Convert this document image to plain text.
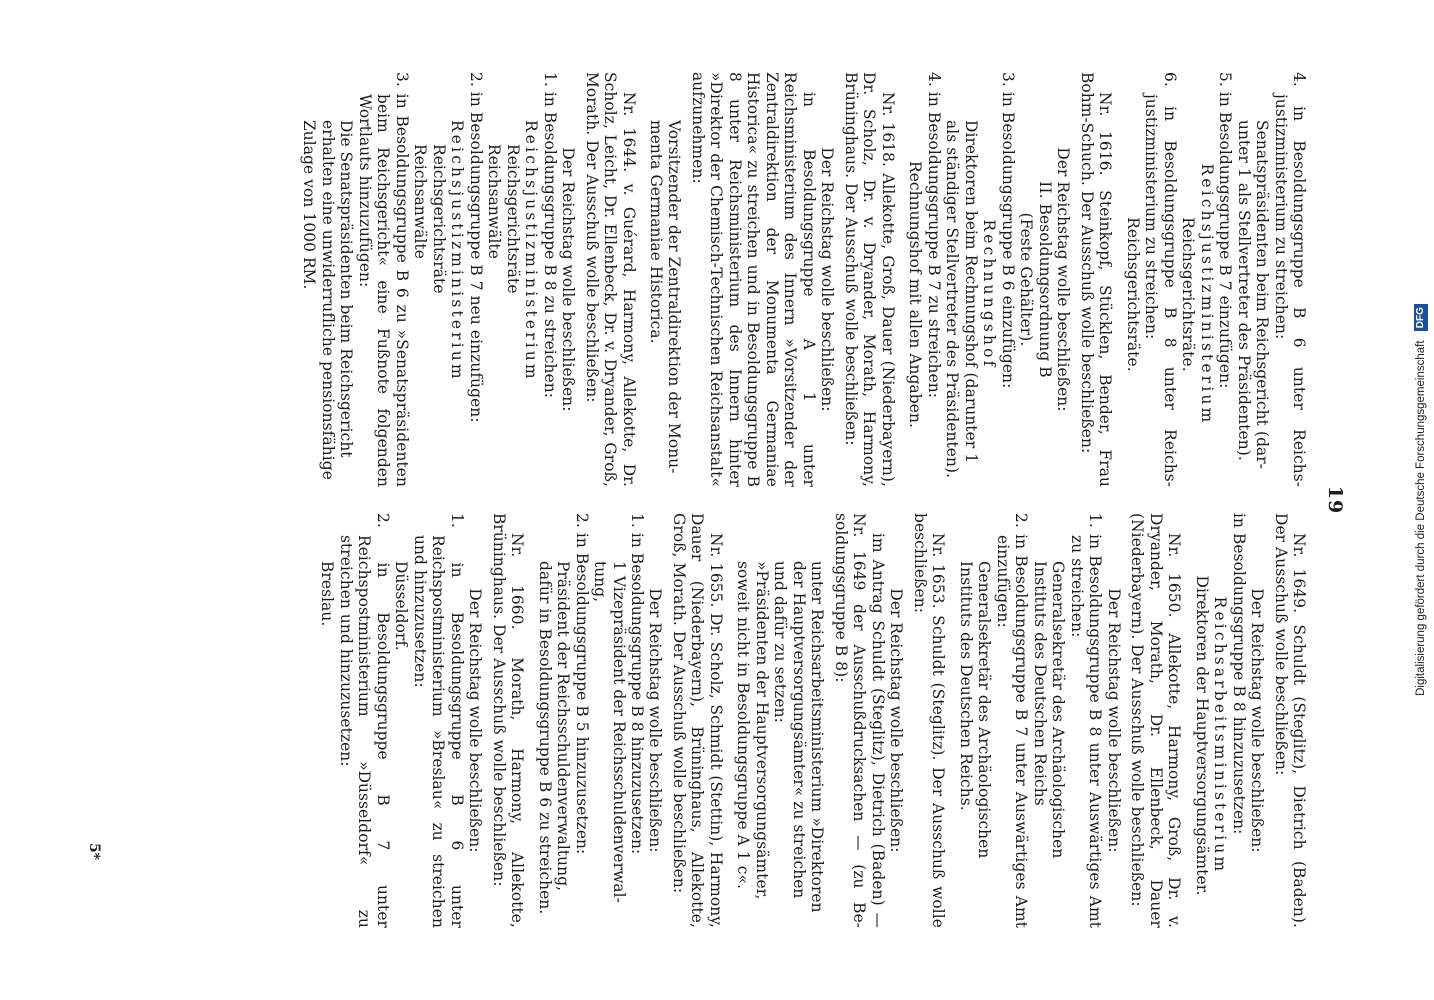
19

4. in Besoldungsgruppe B 6 unter Reichsjustizministerium zu streichen:

Senatspräsidenten beim Reichsgericht (darunter 1 als Stellvertreter des Präsidenten).

5. in Besoldungsgruppe B 7 einzufügen:

Reichsjustizministerium

Reichsgerichtsräte.

6. in Besoldungsgruppe B 8 unter Reichsjustizministerium zu streichen:

Reichsgerichtsräte.

Nr. 1616. Steinkopf, Stücklen, Bender, Frau Bohm-Schuch. Der Ausschuß wolle beschließen:

Der Reichstag wolle beschließen:

II. Besoldungsordnung B

(Feste Gehälter).

3. in Besoldungsgruppe B 6 einzufügen:

Rechnungshof

Direktoren beim Rechnungshof (darunter 1 als ständiger Stellvertreter des Präsidenten).

4. in Besoldungsgruppe B 7 zu streichen:

Rechnungshof mit allen Angaben.

Nr. 1618. Allekotte, Groß, Dauer (Niederbayern), Dr. Scholz, Dr. v. Dryander, Morath, Harmony, Brüninghaus. Der Ausschuß wolle beschließen:

Der Reichstag wolle beschließen:

in Besoldungsgruppe A 1 unter Reichsministerium des Innern »Vorsitzender der Zentraldirektion der Monumenta Germaniae Historica« zu streichen und in Besoldungsgruppe B 8 unter Reichsministerium des Innern hinter »Direktor der Chemisch-Technischen Reichsanstalt« aufzunehmen:

Vorsitzender der Zentraldirektion der Monumenta Germaniae Historica.

Nr. 1644. v. Guérard, Harmony, Allekotte, Dr. Scholz, Leicht, Dr. Ellenbeck, Dr. v. Dryander, Groß, Morath. Der Ausschuß wolle beschließen:

Der Reichstag wolle beschließen:

1. in Besoldungsgruppe B 8 zu streichen:

Reichsjustizministerium

Reichsgerichtsräte

Reichsanwälte

2. in Besoldungsgruppe B 7 neu einzufügen:

Reichsjustizministerium

Reichsgerichtsräte

Reichsanwälte

3. in Besoldungsgruppe B 6 zu »Senatspräsidenten beim Reichsgericht« eine Fußnote folgenden Wortlauts hinzuzufügen:

Die Senatspräsidenten beim Reichsgericht erhalten eine unwiderrufliche pensionsfähige Zulage von 1000 RM.

Nr. 1649. Schuldt (Steglitz), Dietrich (Baden). Der Ausschuß wolle beschließen:

Der Reichstag wolle beschließen:

in Besoldungsgruppe B 8 hinzuzusetzen:

Reichsarbeitsministerium

Direktoren der Hauptversorgungsämter.

Nr. 1650. Allekotte, Harmony, Groß, Dr. v. Dryander, Morath, Dr. Ellenbeck, Dauer (Niederbayern). Der Ausschuß wolle beschließen:

Der Reichstag wolle beschließen:

1. in Besoldungsgruppe B 8 unter Auswärtiges Amt zu streichen:

Generalsekretär des Archäologischen Instituts des Deutschen Reichs

2. in Besoldungsgruppe B 7 unter Auswärtiges Amt einzufügen:

Generalsekretär des Archäologischen Instituts des Deutschen Reichs.

Nr. 1653. Schuldt (Steglitz). Der Ausschuß wolle beschließen:

Der Reichstag wolle beschließen:

im Antrag Schuldt (Steglitz), Dietrich (Baden) — Nr. 1649 der Ausschußdrucksachen — (zu Besoldungsgruppe B 8):

unter Reichsarbeitsministerium »Direktoren der Hauptversorgungsämter« zu streichen und dafür zu setzen:

»Präsidenten der Hauptversorgungsämter, soweit nicht in Besoldungsgruppe A 1 c«.

Nr. 1655. Dr. Scholz, Schmidt (Stettin), Harmony, Dauer (Niederbayern), Brüninghaus, Allekotte, Groß, Morath. Der Ausschuß wolle beschließen:

Der Reichstag wolle beschließen:

1. in Besoldungsgruppe B 8 hinzuzusetzen:

1 Vizepräsident der Reichsschuldenverwaltung,

2. in Besoldungsgruppe B 5 hinzuzusetzen:

Präsident der Reichsschuldenverwaltung,

dafür in Besoldungsgruppe B 6 zu streichen.

Nr. 1660. Morath, Harmony, Allekotte, Brüninghaus. Der Ausschuß wolle beschließen:

Der Reichstag wolle beschließen:

1. in Besoldungsgruppe B 6 unter Reichspostministerium »Breslau« zu streichen und hinzuzusetzen:

Düsseldorf.

2. in Besoldungsgruppe B 7 unter Reichspostministerium »Düsseldorf« zu streichen und hinzuzusetzen:

Breslau.

5*
Digitalisierung gefördert durch die Deutsche Forschungsgemeinschaft DFG
